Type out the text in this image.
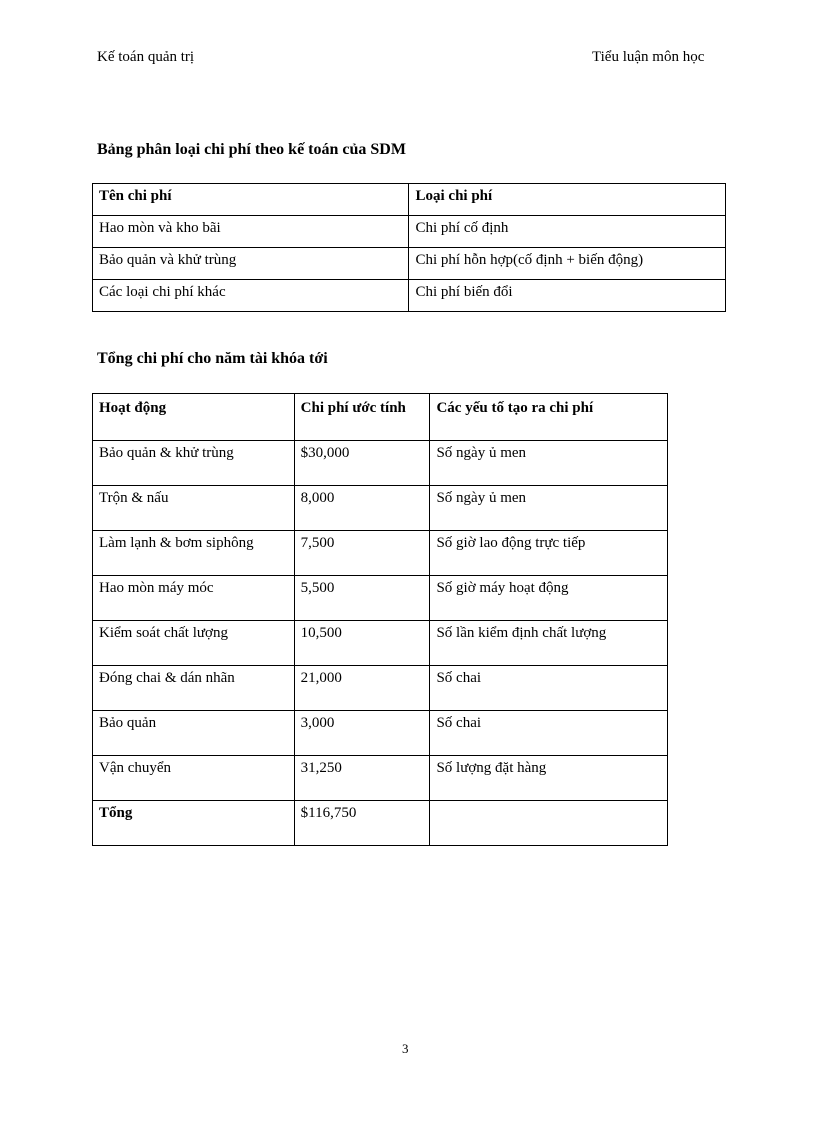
Kế toán quản trị	Tiểu luận môn học
Bảng phân loại chi phí theo kế toán của SDM
Tên chi phí	Loại chi phí
Hao mòn và kho bãi	Chi phí cố định
Bảo quản và khử trùng	Chi phí hỗn hợp(cố định + biến động)
Các loại chi phí khác	Chi phí biến đổi
Tổng chi phí cho năm tài khóa tới
Hoạt động	Chi phí ước tính	Các yếu tố tạo ra chi phí
Bảo quản & khử trùng	$30,000	Số ngày ủ men
Trộn & nấu	8,000	Số ngày ủ men
Làm lạnh & bơm siphông	7,500	Số giờ lao động trực tiếp
Hao mòn máy móc	5,500	Số giờ máy hoạt động
Kiểm soát chất lượng	10,500	Số lần kiểm định chất lượng
Đóng chai & dán nhãn	21,000	Số chai
Bảo quản	3,000	Số chai
Vận chuyển	31,250	Số lượng đặt hàng
Tổng	$116,750	
3
